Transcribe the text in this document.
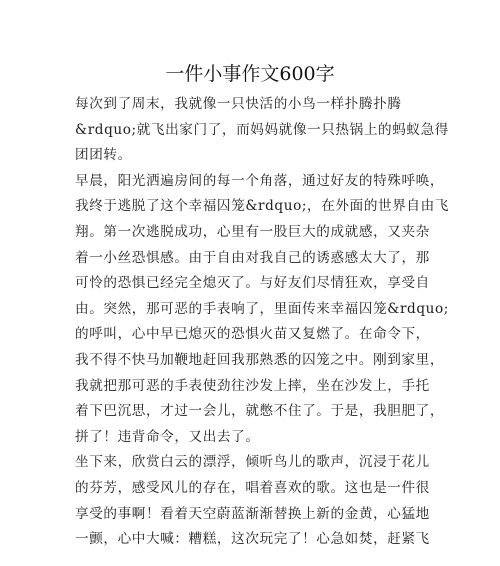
一件小事作文600字
每次到了周末，我就像一只快活的小鸟一样扑腾扑腾
&rdquo;就飞出家门了，而妈妈就像一只热锅上的蚂蚁急得
团团转。
早晨，阳光洒遍房间的每一个角落，通过好友的特殊呼唤，
我终于逃脱了这个幸福囚笼&rdquo;，在外面的世界自由飞
翔。第一次逃脱成功，心里有一股巨大的成就感，又夹杂
着一小丝恐惧感。由于自由对我自己的诱惑感太大了，那
可怜的恐惧已经完全熄灭了。与好友们尽情狂欢，享受自
由。突然，那可恶的手表响了，里面传来幸福囚笼&rdquo;
的呼叫，心中早已熄灭的恐惧火苗又复燃了。在命令下，
我不得不快马加鞭地赶回我那熟悉的囚笼之中。刚到家里，
我就把那可恶的手表使劲往沙发上摔，坐在沙发上，手托
着下巴沉思，才过一会儿，就憋不住了。于是，我胆肥了，
拼了！违背命令，又出去了。
坐下来，欣赏白云的漂浮，倾听鸟儿的歌声，沉浸于花儿
的芬芳，感受风儿的存在，唱着喜欢的歌。这也是一件很
享受的事啊！看着天空蔚蓝渐渐替换上新的金黄，心猛地
一颤，心中大喊：糟糕，这次玩完了！心急如焚，赶紧飞
